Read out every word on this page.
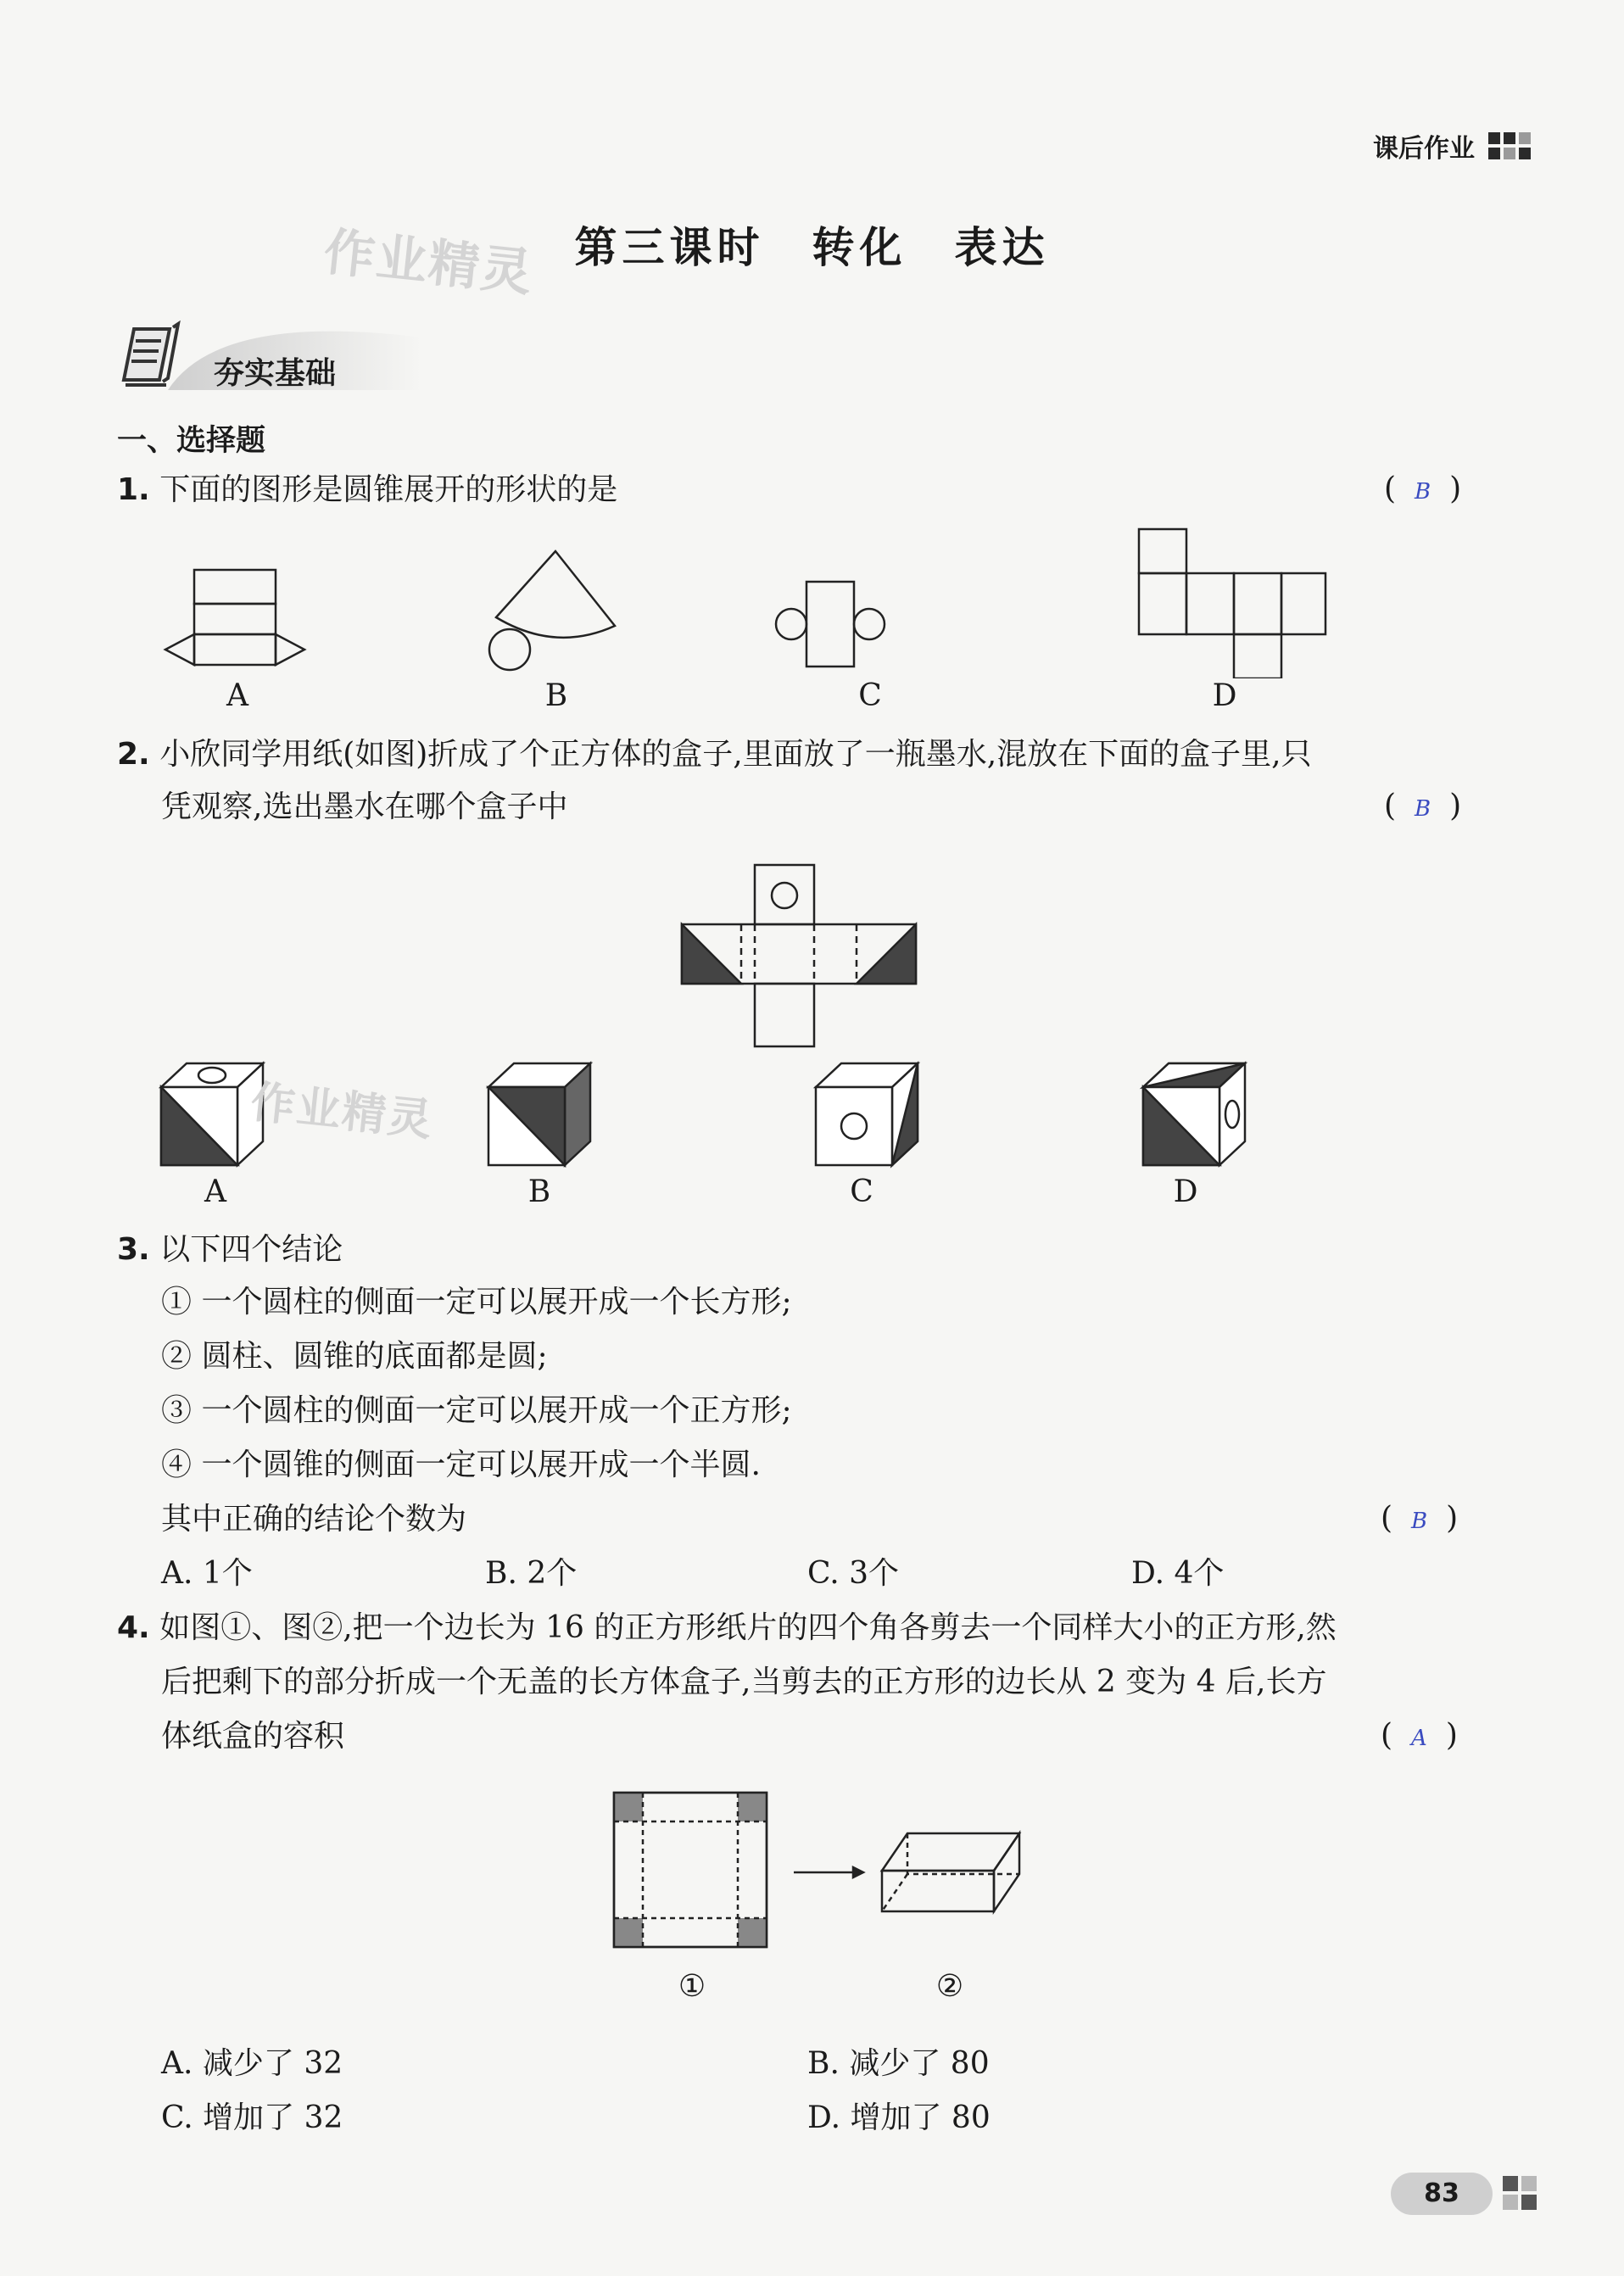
课后作业
作业精灵 第三课时 转化 表达
夯实基础
一、选择题
1. 下面的图形是圆锥展开的形状的是	( B )
A	B	C	D
2. 小欣同学用纸(如图)折成了个正方体的盒子,里面放了一瓶墨水,混放在下面的盒子里,只
凭观察,选出墨水在哪个盒子中	( B )
作业精灵
A	B	C	D
3. 以下四个结论
① 一个圆柱的侧面一定可以展开成一个长方形;
② 圆柱、圆锥的底面都是圆;
③ 一个圆柱的侧面一定可以展开成一个正方形;
④ 一个圆锥的侧面一定可以展开成一个半圆.
其中正确的结论个数为	( B )
A. 1个	B. 2个	C. 3个	D. 4个
4. 如图①、图②,把一个边长为 16 的正方形纸片的四个角各剪去一个同样大小的正方形,然
后把剩下的部分折成一个无盖的长方体盒子,当剪去的正方形的边长从 2 变为 4 后,长方
体纸盒的容积	( A )
①	②
A. 减少了 32	B. 减少了 80
C. 增加了 32	D. 增加了 80
83
